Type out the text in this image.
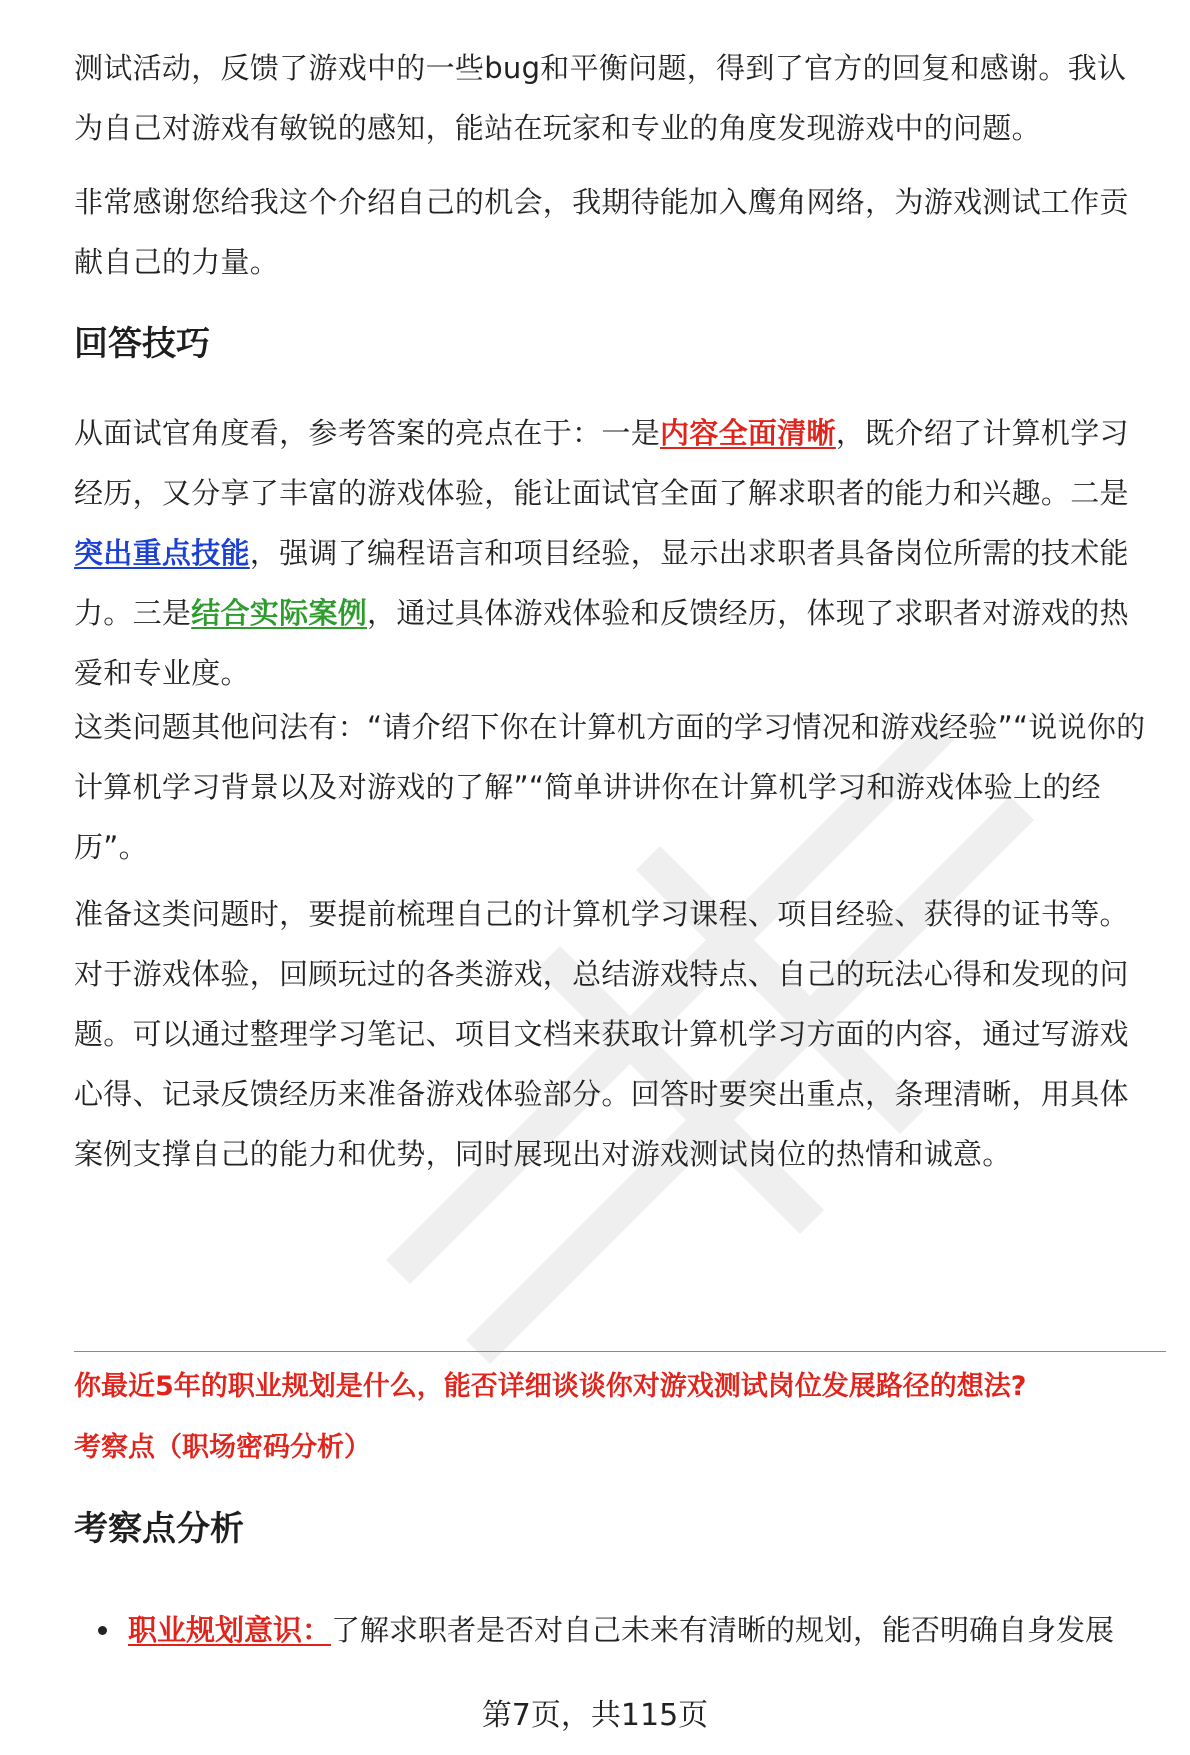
测试活动，反馈了游戏中的一些bug和平衡问题，得到了官方的回复和感谢。我认为自己对游戏有敏锐的感知，能站在玩家和专业的角度发现游戏中的问题。

非常感谢您给我这个介绍自己的机会，我期待能加入鹰角网络，为游戏测试工作贡献自己的力量。

回答技巧

从面试官角度看，参考答案的亮点在于：一是内容全面清晰，既介绍了计算机学习经历，又分享了丰富的游戏体验，能让面试官全面了解求职者的能力和兴趣。二是突出重点技能，强调了编程语言和项目经验，显示出求职者具备岗位所需的技术能力。三是结合实际案例，通过具体游戏体验和反馈经历，体现了求职者对游戏的热爱和专业度。

这类问题其他问法有：“请介绍下你在计算机方面的学习情况和游戏经验”“说说你的计算机学习背景以及对游戏的了解”“简单讲讲你在计算机学习和游戏体验上的经历”。

准备这类问题时，要提前梳理自己的计算机学习课程、项目经验、获得的证书等。对于游戏体验，回顾玩过的各类游戏，总结游戏特点、自己的玩法心得和发现的问题。可以通过整理学习笔记、项目文档来获取计算机学习方面的内容，通过写游戏心得、记录反馈经历来准备游戏体验部分。回答时要突出重点，条理清晰，用具体案例支撑自己的能力和优势，同时展现出对游戏测试岗位的热情和诚意。

你最近5年的职业规划是什么，能否详细谈谈你对游戏测试岗位发展路径的想法?

考察点（职场密码分析）

考察点分析
职业规划意识：了解求职者是否对自己未来有清晰的规划，能否明确自身发展
第7页，共115页
